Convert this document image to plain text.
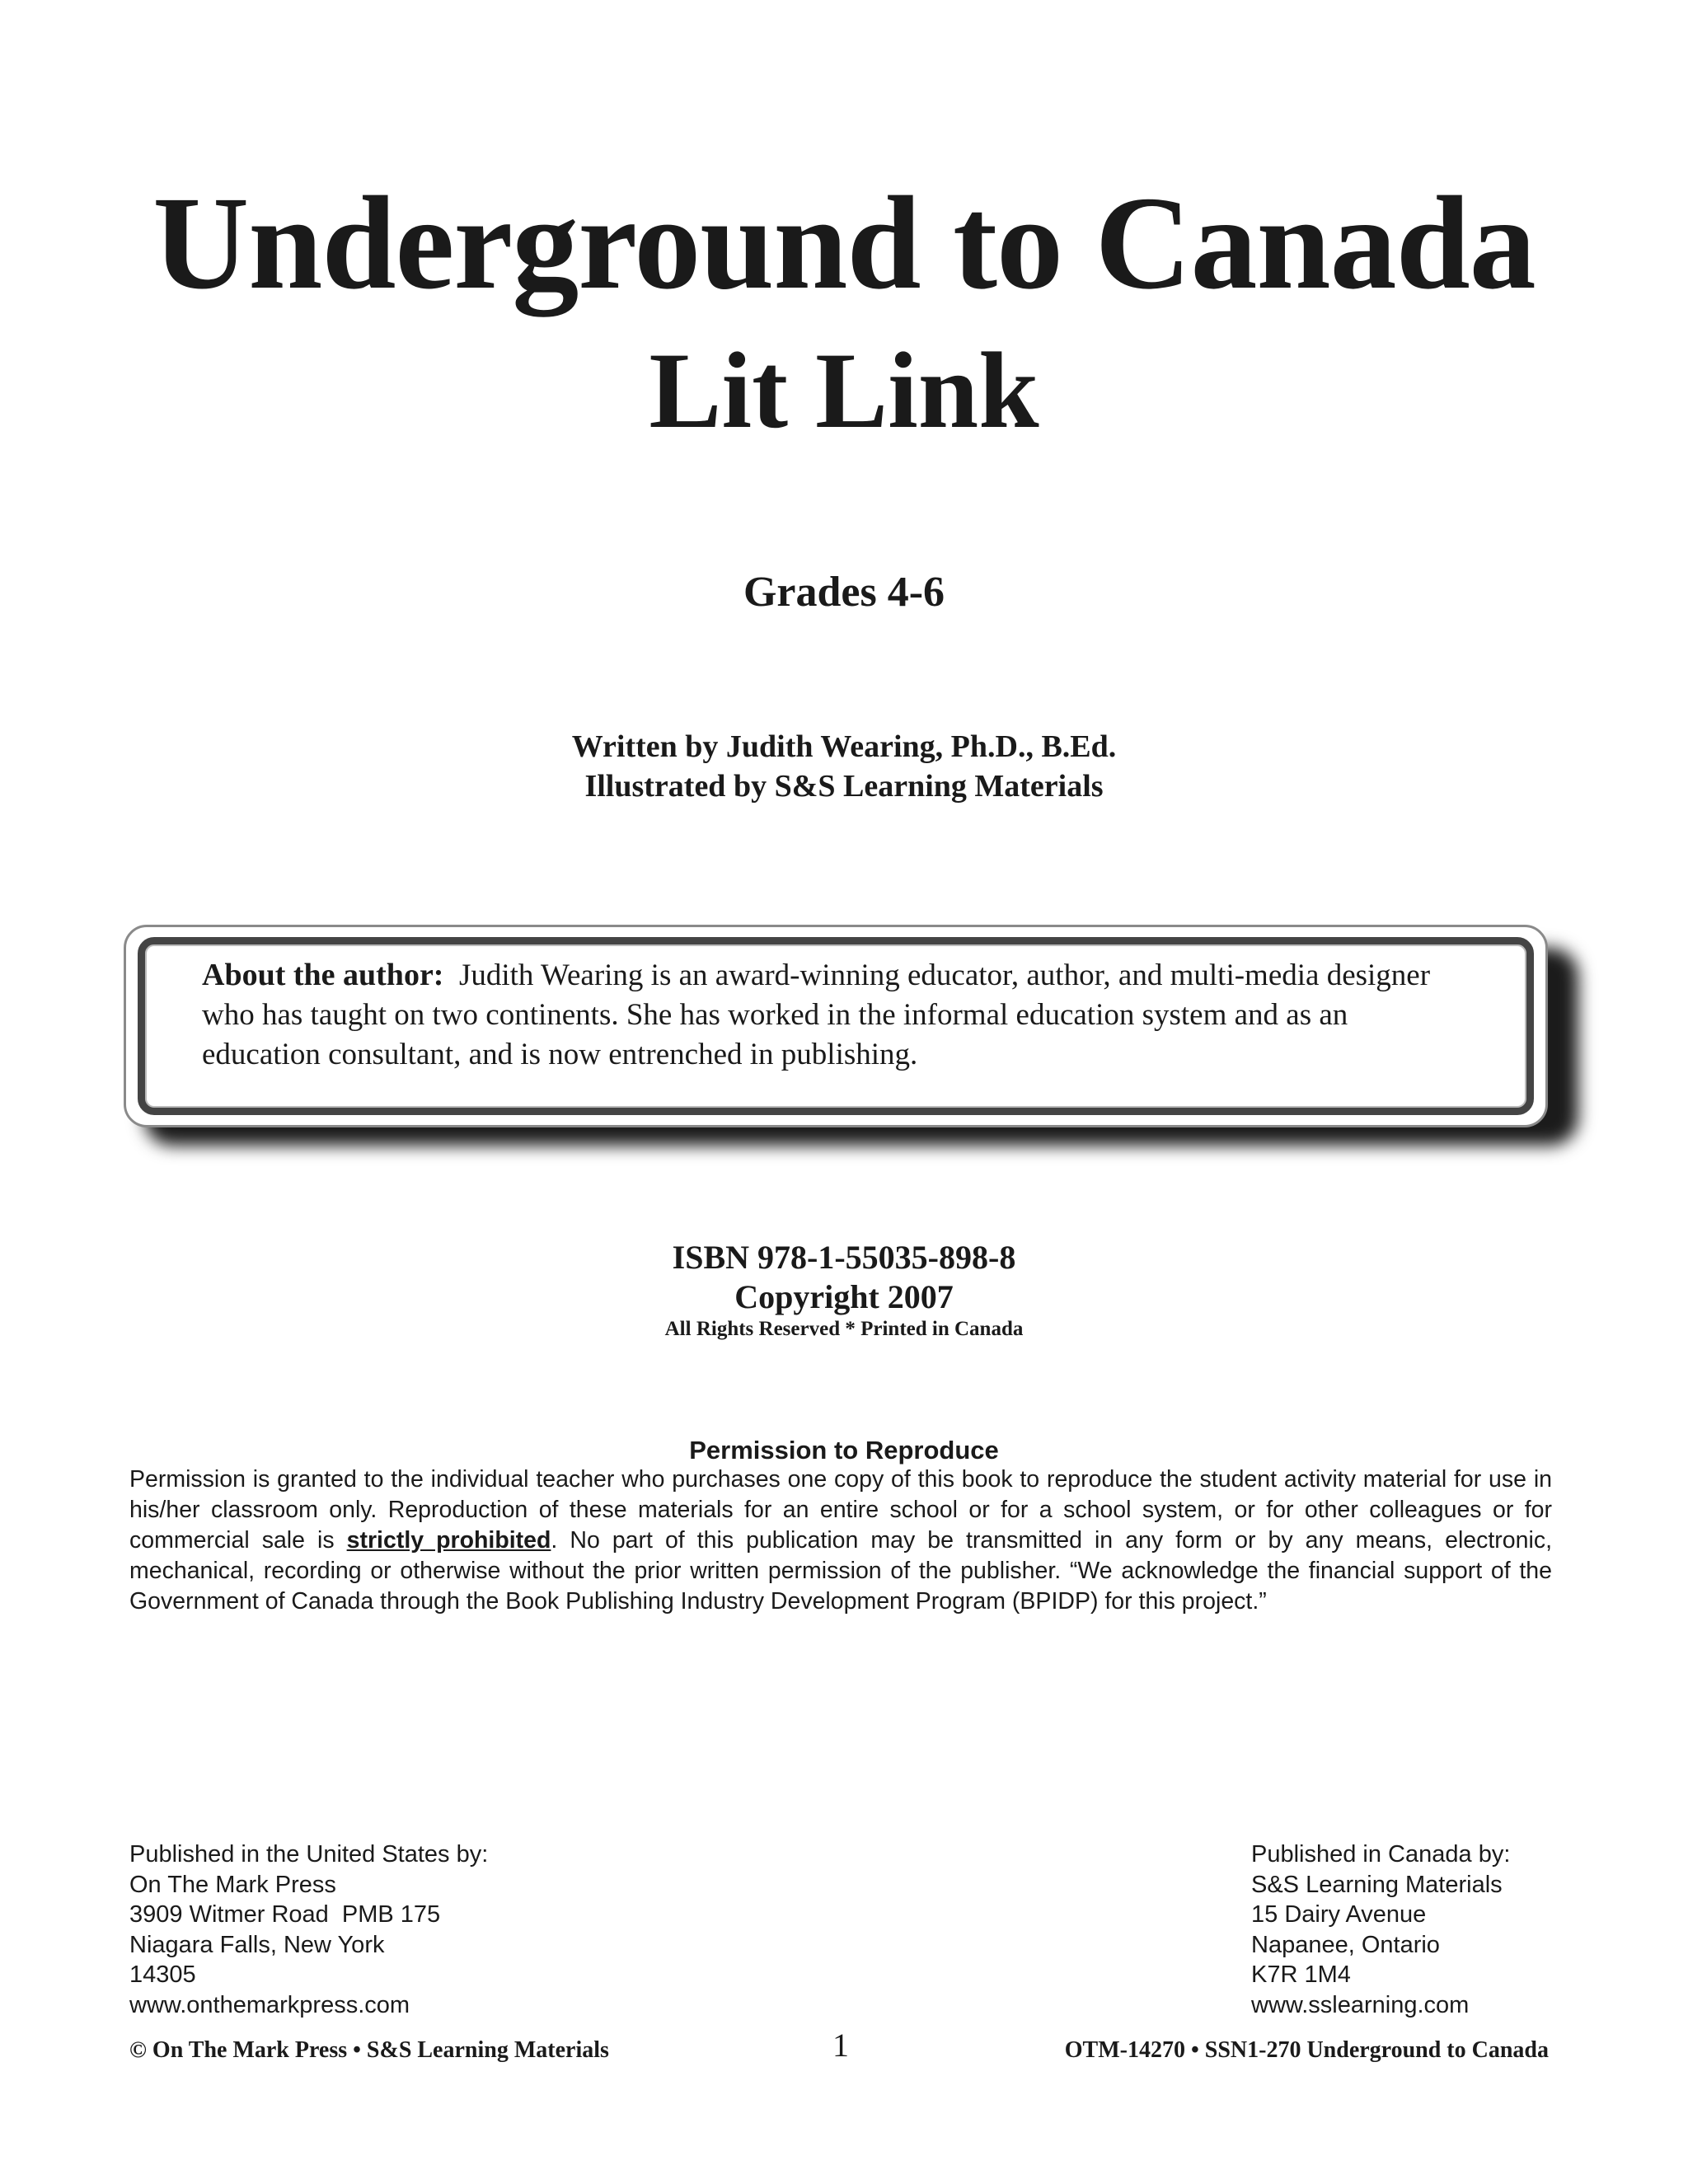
Underground to Canada
Lit Link
Grades 4-6
Written by Judith Wearing, Ph.D., B.Ed.
Illustrated by S&S Learning Materials
About the author: Judith Wearing is an award-winning educator, author, and multi-media designer who has taught on two continents. She has worked in the informal education system and as an education consultant, and is now entrenched in publishing.
ISBN 978-1-55035-898-8
Copyright 2007
All Rights Reserved * Printed in Canada
Permission to Reproduce
Permission is granted to the individual teacher who purchases one copy of this book to reproduce the student activity material for use in his/her classroom only. Reproduction of these materials for an entire school or for a school system, or for other colleagues or for commercial sale is strictly prohibited. No part of this publication may be transmitted in any form or by any means, electronic, mechanical, recording or otherwise without the prior written permission of the publisher. “We acknowledge the financial support of the Government of Canada through the Book Publishing Industry Development Program (BPIDP) for this project.”
Published in the United States by:
On The Mark Press
3909 Witmer Road  PMB 175
Niagara Falls, New York
14305
www.onthemarkpress.com
Published in Canada by:
S&S Learning Materials
15 Dairy Avenue
Napanee, Ontario
K7R 1M4
www.sslearning.com
© On The Mark Press • S&S Learning Materials	1	OTM-14270 • SSN1-270 Underground to Canada
